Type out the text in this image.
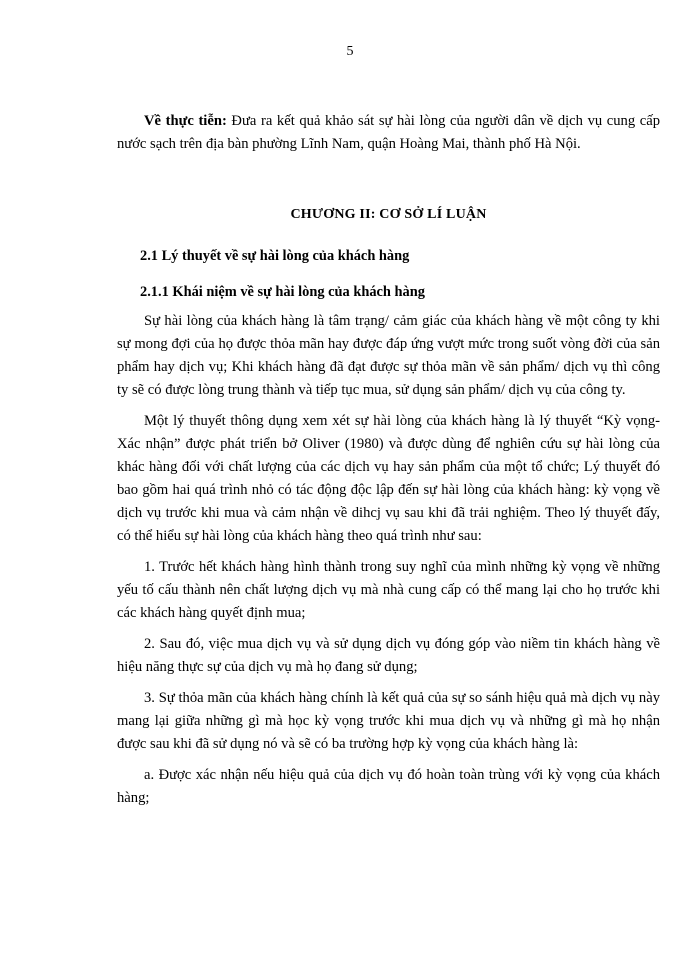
5

Về thực tiễn: Đưa ra kết quả khảo sát sự hài lòng của người dân về dịch vụ cung cấp nước sạch trên địa bàn phường Lĩnh Nam, quận Hoàng Mai, thành phố Hà Nội.

CHƯƠNG II: CƠ SỞ LÍ LUẬN
2.1 Lý thuyết về sự hài lòng của khách hàng
2.1.1 Khái niệm về sự hài lòng của khách hàng

Sự hài lòng của khách hàng là tâm trạng/ cảm giác của khách hàng về một công ty khi sự mong đợi của họ được thỏa mãn hay được đáp ứng vượt mức trong suốt vòng đời của sản phẩm hay dịch vụ; Khi khách hàng đã đạt được sự thỏa mãn về sản phẩm/ dịch vụ thì công ty sẽ có được lòng trung thành và tiếp tục mua, sử dụng sản phẩm/ dịch vụ của công ty.

Một lý thuyết thông dụng xem xét sự hài lòng của khách hàng là lý thuyết “Kỳ vọng- Xác nhận” được phát triển bở Oliver (1980) và được dùng để nghiên cứu sự hài lòng của khác hàng đối với chất lượng của các dịch vụ hay sản phẩm của một tổ chức; Lý thuyết đó bao gồm hai quá trình nhỏ có tác động độc lập đến sự hài lòng của khách hàng: kỳ vọng về dịch vụ trước khi mua và cảm nhận về dihcj vụ sau khi đã trải nghiệm. Theo lý thuyết đấy, có thể hiểu sự hài lòng của khách hàng theo quá trình như sau:

1. Trước hết khách hàng hình thành trong suy nghĩ của mình những kỳ vọng về những yếu tố cấu thành nên chất lượng dịch vụ mà nhà cung cấp có thể mang lại cho họ trước khi các khách hàng quyết định mua;

2. Sau đó, việc mua dịch vụ và sử dụng dịch vụ đóng góp vào niềm tin khách hàng về hiệu năng thực sự của dịch vụ mà họ đang sử dụng;

3. Sự thỏa mãn của khách hàng chính là kết quả của sự so sánh hiệu quả mà dịch vụ này mang lại giữa những gì mà học kỳ vọng trước khi mua dịch vụ và những gì mà họ nhận được sau khi đã sử dụng nó và sẽ có ba trường hợp kỳ vọng của khách hàng là:

a. Được xác nhận nếu hiệu quả của dịch vụ đó hoàn toàn trùng với kỳ vọng của khách hàng;
